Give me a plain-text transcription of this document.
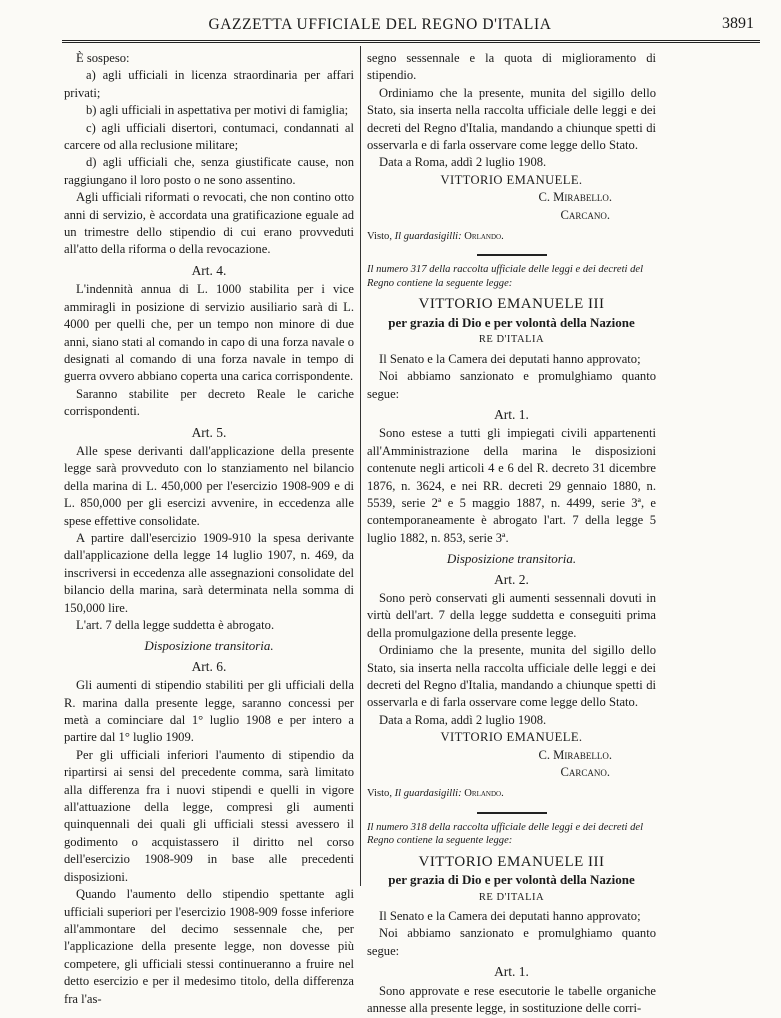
GAZZETTA UFFICIALE DEL REGNO D'ITALIA	3891

È sospeso:

a) agli ufficiali in licenza straordinaria per affari privati;

b) agli ufficiali in aspettativa per motivi di famiglia;

c) agli ufficiali disertori, contumaci, condannati al carcere od alla reclusione militare;

d) agli ufficiali che, senza giustificate cause, non raggiungano il loro posto o ne sono assentino.

Agli ufficiali riformati o revocati, che non contino otto anni di servizio, è accordata una gratificazione eguale ad un trimestre dello stipendio di cui erano provveduti all'atto della riforma o della revocazione.

Art. 4.

L'indennità annua di L. 1000 stabilita per i vice ammiragli in posizione di servizio ausiliario sarà di L. 4000 per quelli che, per un tempo non minore di due anni, siano stati al comando in capo di una forza navale o designati al comando di una forza navale in tempo di guerra ovvero abbiano coperta una carica corrispondente.

Saranno stabilite per decreto Reale le cariche corrispondenti.

Art. 5.

Alle spese derivanti dall'applicazione della presente legge sarà provveduto con lo stanziamento nel bilancio della marina di L. 450,000 per l'esercizio 1908-909 e di L. 850,000 per gli esercizi avvenire, in eccedenza alle spese effettive consolidate.

A partire dall'esercizio 1909-910 la spesa derivante dall'applicazione della legge 14 luglio 1907, n. 469, da inscriversi in eccedenza alle assegnazioni consolidate del bilancio della marina, sarà determinata nella somma di 150,000 lire.

L'art. 7 della legge suddetta è abrogato.

Disposizione transitoria.
Art. 6.

Gli aumenti di stipendio stabiliti per gli ufficiali della R. marina dalla presente legge, saranno concessi per metà a cominciare dal 1° luglio 1908 e per intero a partire dal 1° luglio 1909.

Per gli ufficiali inferiori l'aumento di stipendio da ripartirsi ai sensi del precedente comma, sarà limitato alla differenza fra i nuovi stipendi e quelli in vigore all'attuazione della legge, compresi gli aumenti quinquennali dei quali gli ufficiali stessi avessero il godimento o acquistassero il diritto nel corso dell'esercizio 1908-909 in base alle precedenti disposizioni.

Quando l'aumento dello stipendio spettante agli ufficiali superiori per l'esercizio 1908-909 fosse inferiore all'ammontare del decimo sessennale che, per l'applicazione della presente legge, non dovesse più competere, gli ufficiali stessi continueranno a fruire nel detto esercizio e per il medesimo titolo, della differenza fra l'as-

segno sessennale e la quota di miglioramento di stipendio.

Ordiniamo che la presente, munita del sigillo dello Stato, sia inserta nella raccolta ufficiale delle leggi e dei decreti del Regno d'Italia, mandando a chiunque spetti di osservarla e di farla osservare come legge dello Stato.

Data a Roma, addì 2 luglio 1908.

VITTORIO EMANUELE.

C. Mirabello.

Carcano.

Visto, Il guardasigilli: Orlando.

Il numero 317 della raccolta ufficiale delle leggi e dei decreti del Regno contiene la seguente legge:

VITTORIO EMANUELE III

per grazia di Dio e per volontà della Nazione

RE D'ITALIA

Il Senato e la Camera dei deputati hanno approvato;

Noi abbiamo sanzionato e promulghiamo quanto segue:

Art. 1.

Sono estese a tutti gli impiegati civili appartenenti all'Amministrazione della marina le disposizioni contenute negli articoli 4 e 6 del R. decreto 31 dicembre 1876, n. 3624, e nei RR. decreti 29 gennaio 1880, n. 5539, serie 2ª e 5 maggio 1887, n. 4499, serie 3ª, e contemporaneamente è abrogato l'art. 7 della legge 5 luglio 1882, n. 853, serie 3ª.

Disposizione transitoria.
Art. 2.

Sono però conservati gli aumenti sessennali dovuti in virtù dell'art. 7 della legge suddetta e conseguiti prima della promulgazione della presente legge.

Ordiniamo che la presente, munita del sigillo dello Stato, sia inserta nella raccolta ufficiale delle leggi e dei decreti del Regno d'Italia, mandando a chiunque spetti di osservarla e di farla osservare come legge dello Stato.

Data a Roma, addì 2 luglio 1908.

VITTORIO EMANUELE.

C. Mirabello.

Carcano.

Visto, Il guardasigilli: Orlando.

Il numero 318 della raccolta ufficiale delle leggi e dei decreti del Regno contiene la seguente legge:

VITTORIO EMANUELE III

per grazia di Dio e per volontà della Nazione

RE D'ITALIA

Il Senato e la Camera dei deputati hanno approvato;

Noi abbiamo sanzionato e promulghiamo quanto segue:

Art. 1.

Sono approvate e rese esecutorie le tabelle organiche annesse alla presente legge, in sostituzione delle corri-
